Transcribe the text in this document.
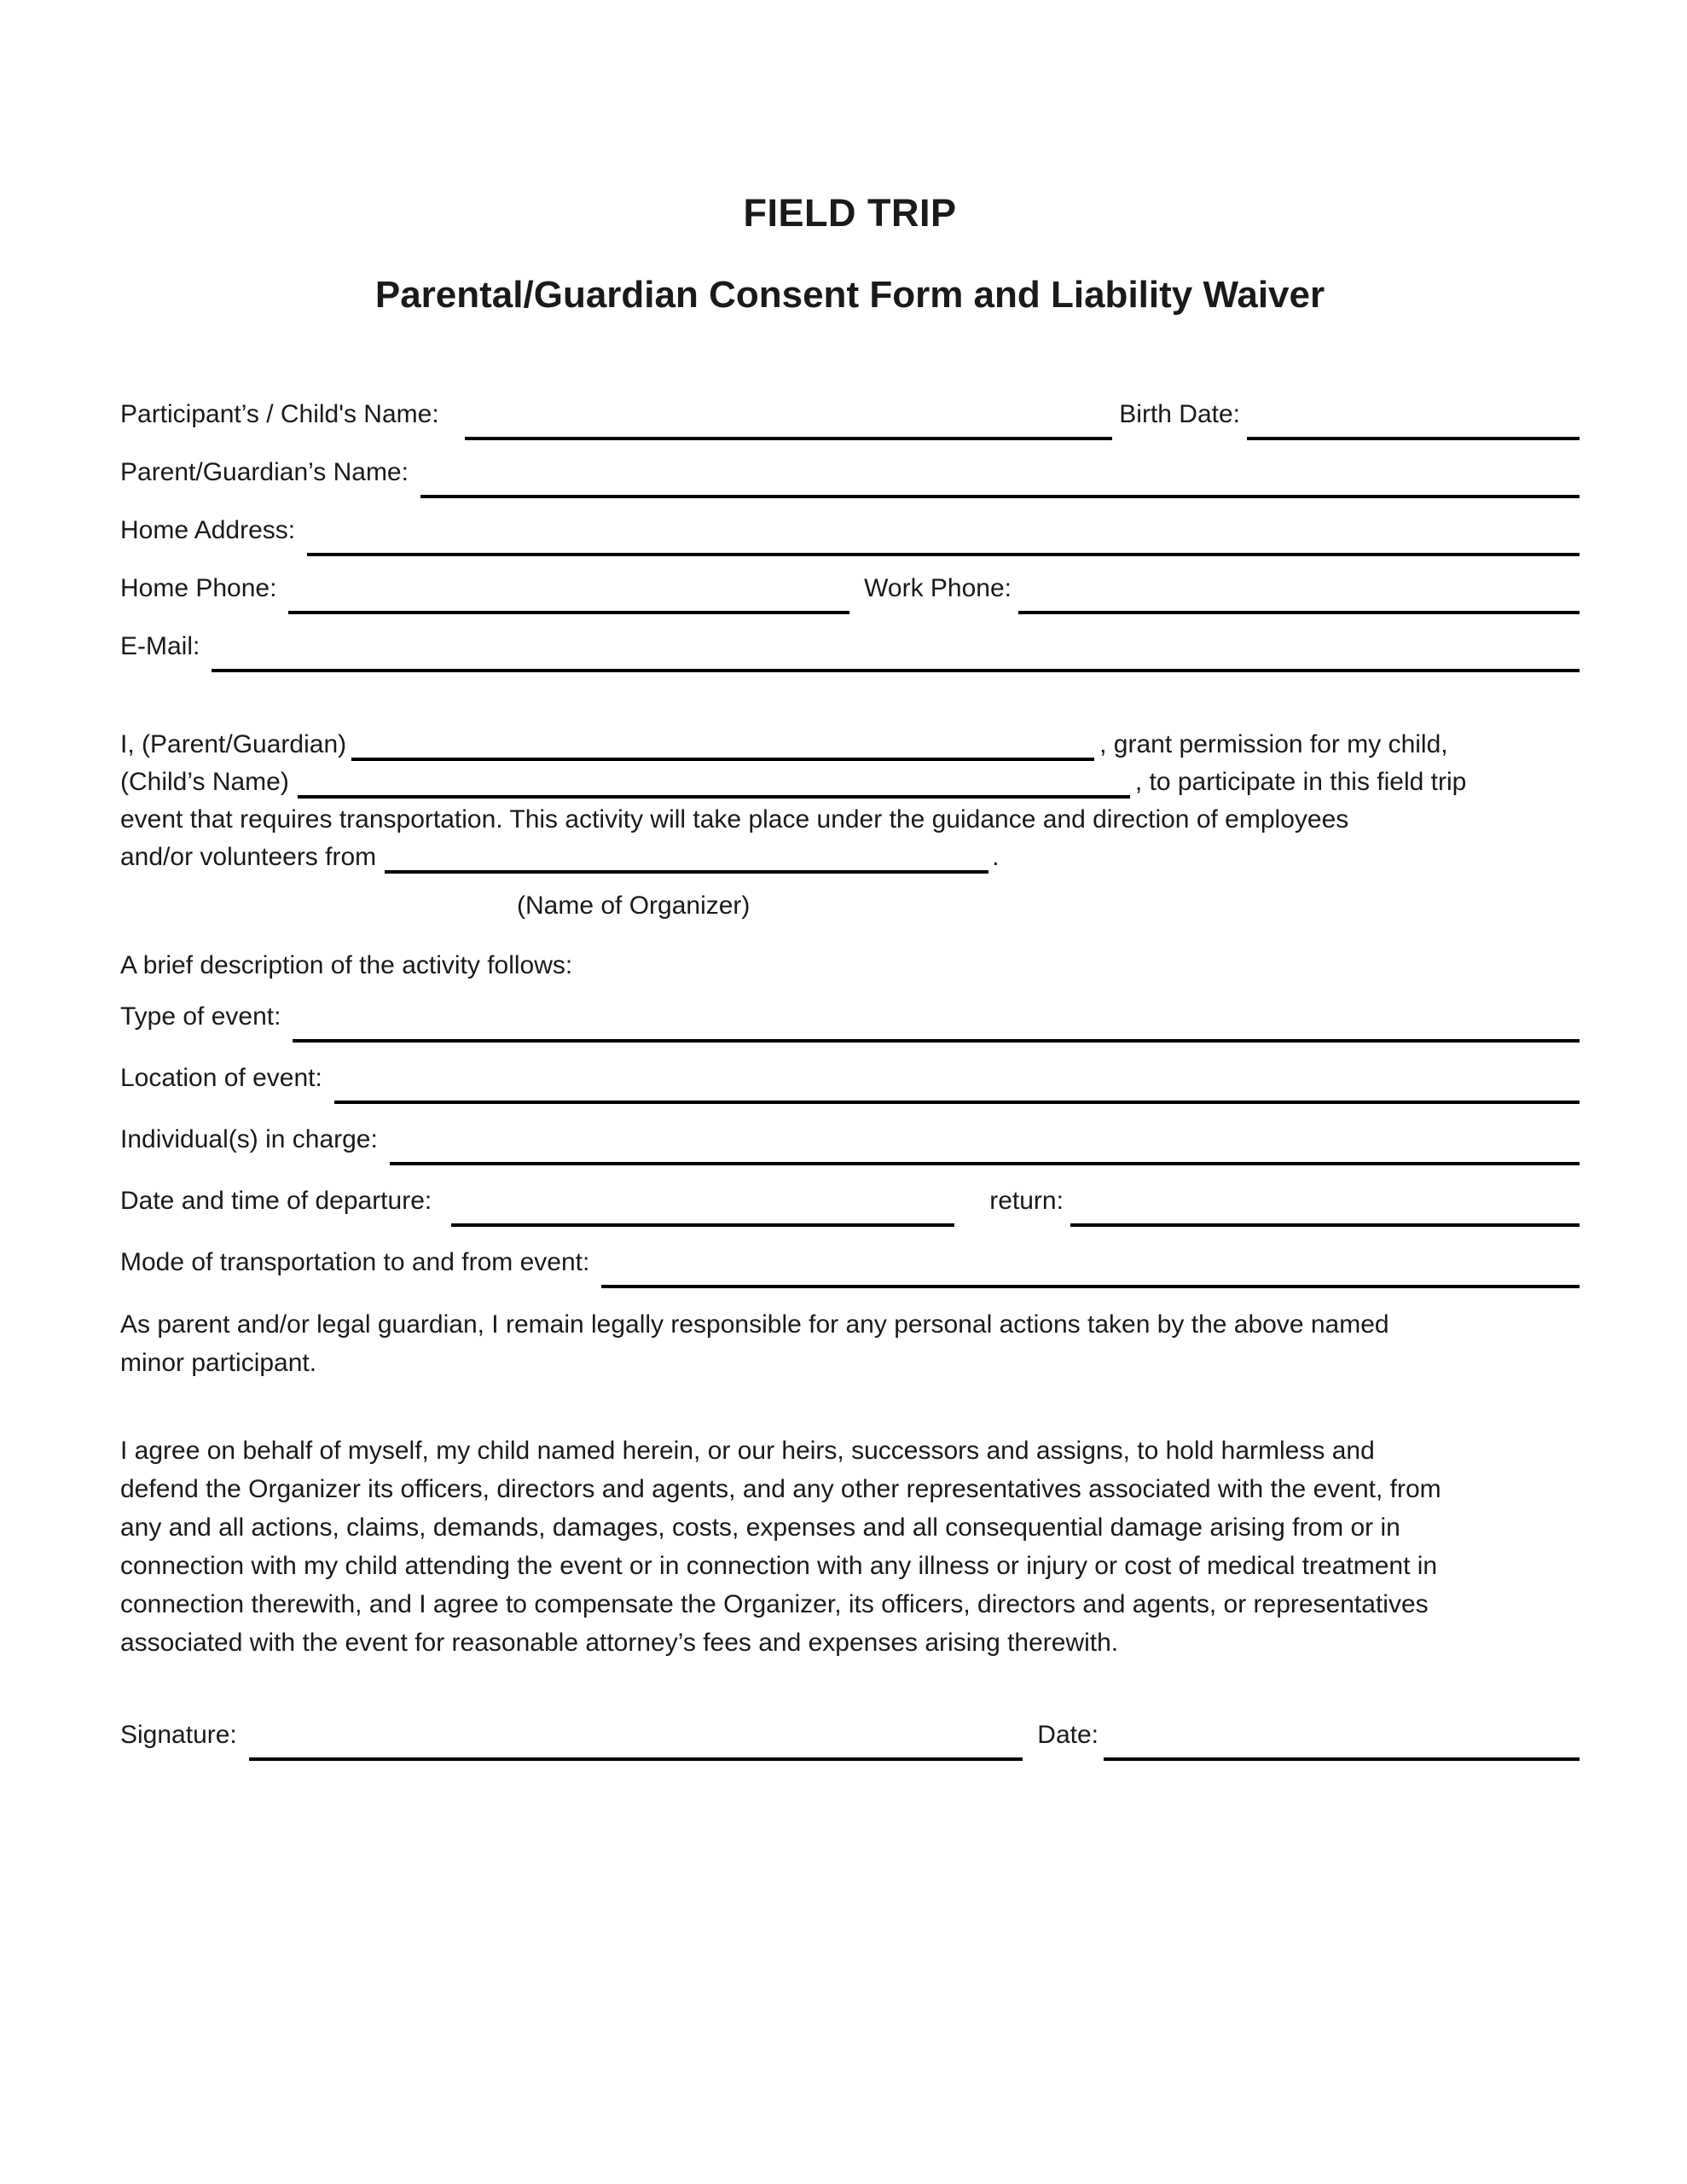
FIELD TRIP
Parental/Guardian Consent Form and Liability Waiver
Participant’s / Child's Name:	Birth Date:
Parent/Guardian’s Name:
Home Address:
Home Phone:	Work Phone:
E-Mail:
I, (Parent/Guardian)	, grant permission for my child,
(Child’s Name)	, to participate in this field trip
event that requires transportation. This activity will take place under the guidance and direction of employees
and/or volunteers from	.
(Name of Organizer)
A brief description of the activity follows:
Type of event:
Location of event:
Individual(s) in charge:
Date and time of departure:	return:
Mode of transportation to and from event:
As parent and/or legal guardian, I remain legally responsible for any personal actions taken by the above named
minor participant.
I agree on behalf of myself, my child named herein, or our heirs, successors and assigns, to hold harmless and
defend the Organizer its officers, directors and agents, and any other representatives associated with the event, from
any and all actions, claims, demands, damages, costs, expenses and all consequential damage arising from or in
connection with my child attending the event or in connection with any illness or injury or cost of medical treatment in
connection therewith, and I agree to compensate the Organizer, its officers, directors and agents, or representatives
associated with the event for reasonable attorney’s fees and expenses arising therewith.
Signature:	Date:
